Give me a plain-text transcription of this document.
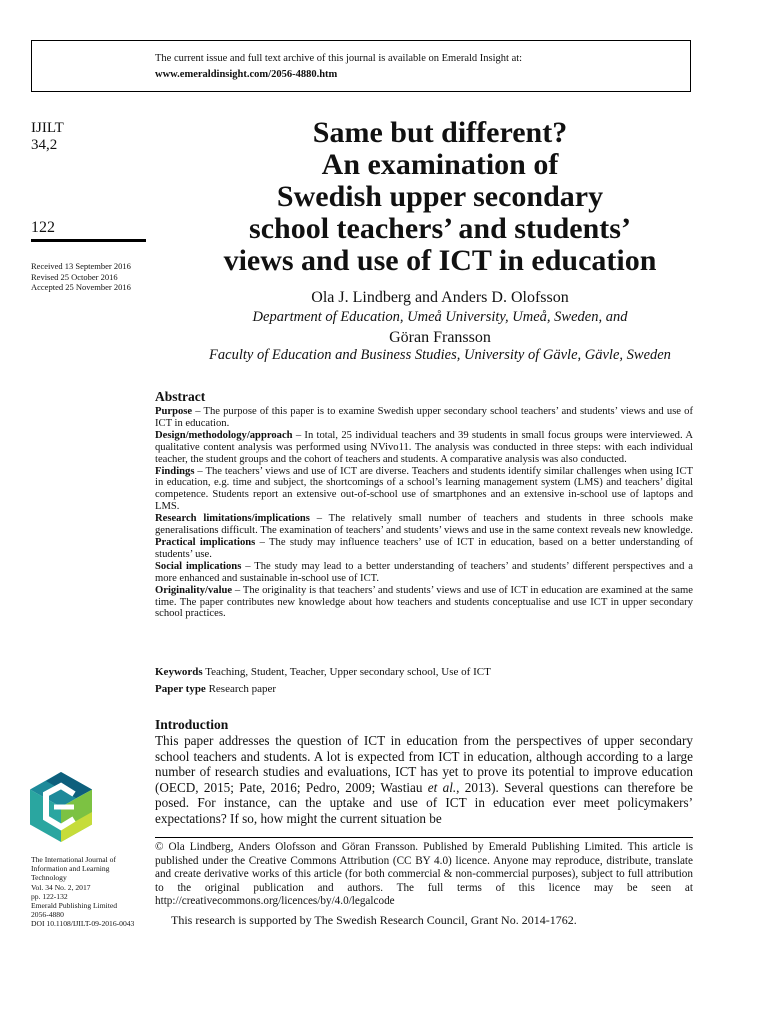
The current issue and full text archive of this journal is available on Emerald Insight at:
www.emeraldinsight.com/2056-4880.htm
IJILT
34,2
122
Received 13 September 2016
Revised 25 October 2016
Accepted 25 November 2016
Same but different?
An examination of
Swedish upper secondary
school teachers’ and students’
views and use of ICT in education
Ola J. Lindberg and Anders D. Olofsson
Department of Education, Umeå University, Umeå, Sweden, and
Göran Fransson
Faculty of Education and Business Studies, University of Gävle, Gävle, Sweden
Abstract

Purpose – The purpose of this paper is to examine Swedish upper secondary school teachers’ and students’ views and use of ICT in education.

Design/methodology/approach – In total, 25 individual teachers and 39 students in small focus groups were interviewed. A qualitative content analysis was performed using NVivo11. The analysis was conducted in three steps: with each individual teacher, the student groups and the cohort of teachers and students. A comparative analysis was also conducted.

Findings – The teachers’ views and use of ICT are diverse. Teachers and students identify similar challenges when using ICT in education, e.g. time and subject, the shortcomings of a school’s learning management system (LMS) and teachers’ digital competence. Students report an extensive out-of-school use of smartphones and an extensive in-school use of laptops and LMS.

Research limitations/implications – The relatively small number of teachers and students in three schools make generalisations difficult. The examination of teachers’ and students’ views and use in the same context reveals new knowledge.

Practical implications – The study may influence teachers’ use of ICT in education, based on a better understanding of students’ use.

Social implications – The study may lead to a better understanding of teachers’ and students’ different perspectives and a more enhanced and sustainable in-school use of ICT.

Originality/value – The originality is that teachers’ and students’ views and use of ICT in education are examined at the same time. The paper contributes new knowledge about how teachers and students conceptualise and use ICT in upper secondary school practices.

Keywords Teaching, Student, Teacher, Upper secondary school, Use of ICT
Paper type Research paper
Introduction

This paper addresses the question of ICT in education from the perspectives of upper secondary school teachers and students. A lot is expected from ICT in education, although according to a large number of research studies and evaluations, ICT has yet to prove its potential to improve education (OECD, 2015; Pate, 2016; Pedro, 2009; Wastiau et al., 2013). Several questions can therefore be posed. For instance, can the uptake and use of ICT in education ever meet policymakers’ expectations? If so, how might the current situation be

© Ola Lindberg, Anders Olofsson and Göran Fransson. Published by Emerald Publishing Limited. This article is published under the Creative Commons Attribution (CC BY 4.0) licence. Anyone may reproduce, distribute, translate and create derivative works of this article (for both commercial & non-commercial purposes), subject to full attribution to the original publication and authors. The full terms of this licence may be seen at http://creativecommons.org/licences/by/4.0/legalcode

This research is supported by The Swedish Research Council, Grant No. 2014-1762.
The International Journal of
Information and Learning
Technology
Vol. 34 No. 2, 2017
pp. 122-132
Emerald Publishing Limited
2056-4880
DOI 10.1108/IJILT-09-2016-0043
